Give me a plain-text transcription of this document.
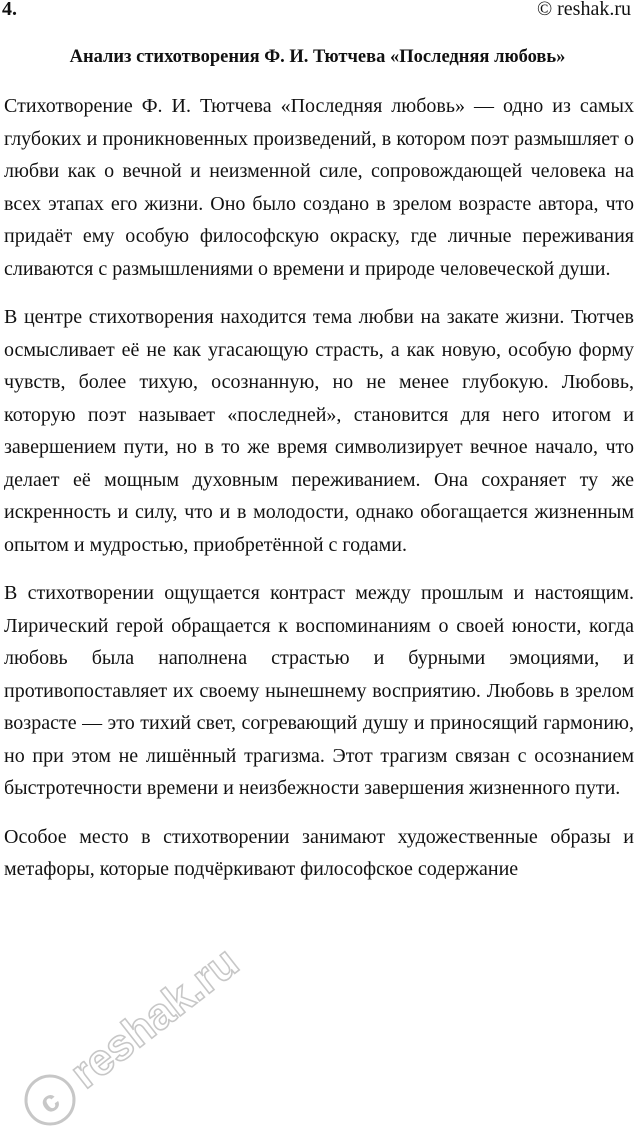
4.	© reshak.ru
Анализ стихотворения Ф. И. Тютчева «Последняя любовь»

Стихотворение Ф. И. Тютчева «Последняя любовь» — одно из самых глубоких и проникновенных произведений, в котором поэт размышляет о любви как о вечной и неизменной силе, сопровождающей человека на всех этапах его жизни. Оно было создано в зрелом возрасте автора, что придаёт ему особую философскую окраску, где личные переживания сливаются с размышлениями о времени и природе человеческой души.

В центре стихотворения находится тема любви на закате жизни. Тютчев осмысливает её не как угасающую страсть, а как новую, особую форму чувств, более тихую, осознанную, но не менее глубокую. Любовь, которую поэт называет «последней», становится для него итогом и завершением пути, но в то же время символизирует вечное начало, что делает её мощным духовным переживанием. Она сохраняет ту же искренность и силу, что и в молодости, однако обогащается жизненным опытом и мудростью, приобретённой с годами.

В стихотворении ощущается контраст между прошлым и настоящим. Лирический герой обращается к воспоминаниям о своей юности, когда любовь была наполнена страстью и бурными эмоциями, и противопоставляет их своему нынешнему восприятию. Любовь в зрелом возрасте — это тихий свет, согревающий душу и приносящий гармонию, но при этом не лишённый трагизма. Этот трагизм связан с осознанием быстротечности времени и неизбежности завершения жизненного пути.

Особое место в стихотворении занимают художественные образы и метафоры, которые подчёркивают философское содержание

c
reshak.ru
